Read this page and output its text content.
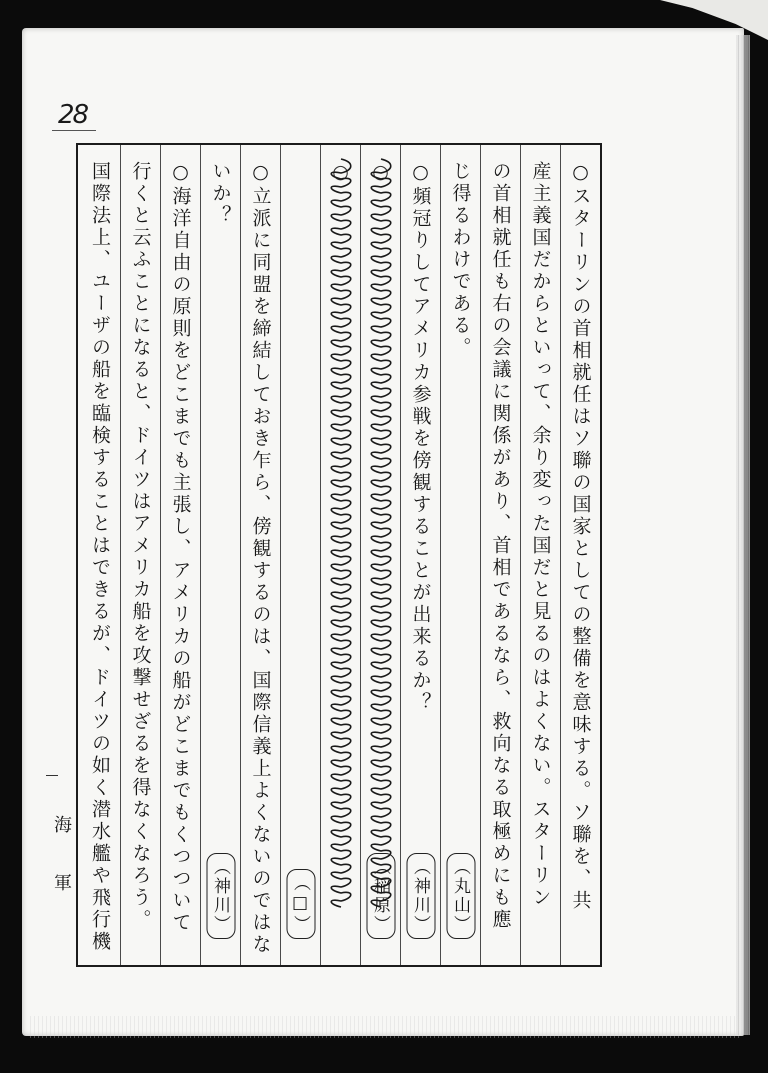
28
○スターリンの首相就任はソ聯の国家としての整備を意味する。ソ聯を、共
産主義国だからといって、余り変った国だと見るのはよくない。スターリン
の首相就任も右の会議に関係があり、首相であるなら、救向なる取極めにも應
じ得るわけである。
（丸山）
○頻冠りしてアメリカ参戦を傍観することが出来るか？
（神川）
○
（稲原）
○
（□）
○立派に同盟を締結しておき乍ら、傍観するのは、国際信義上よくないのではな
いか？
（神川）
○海洋自由の原則をどこまでも主張し、アメリカの船がどこまでもくつついて
行くと云ふことになると、ドイツはアメリカ船を攻撃せざるを得なくなろう。
国際法上、ユーザの船を臨検することはできるが、ドイツの如く潜水艦や飛行機
海軍
